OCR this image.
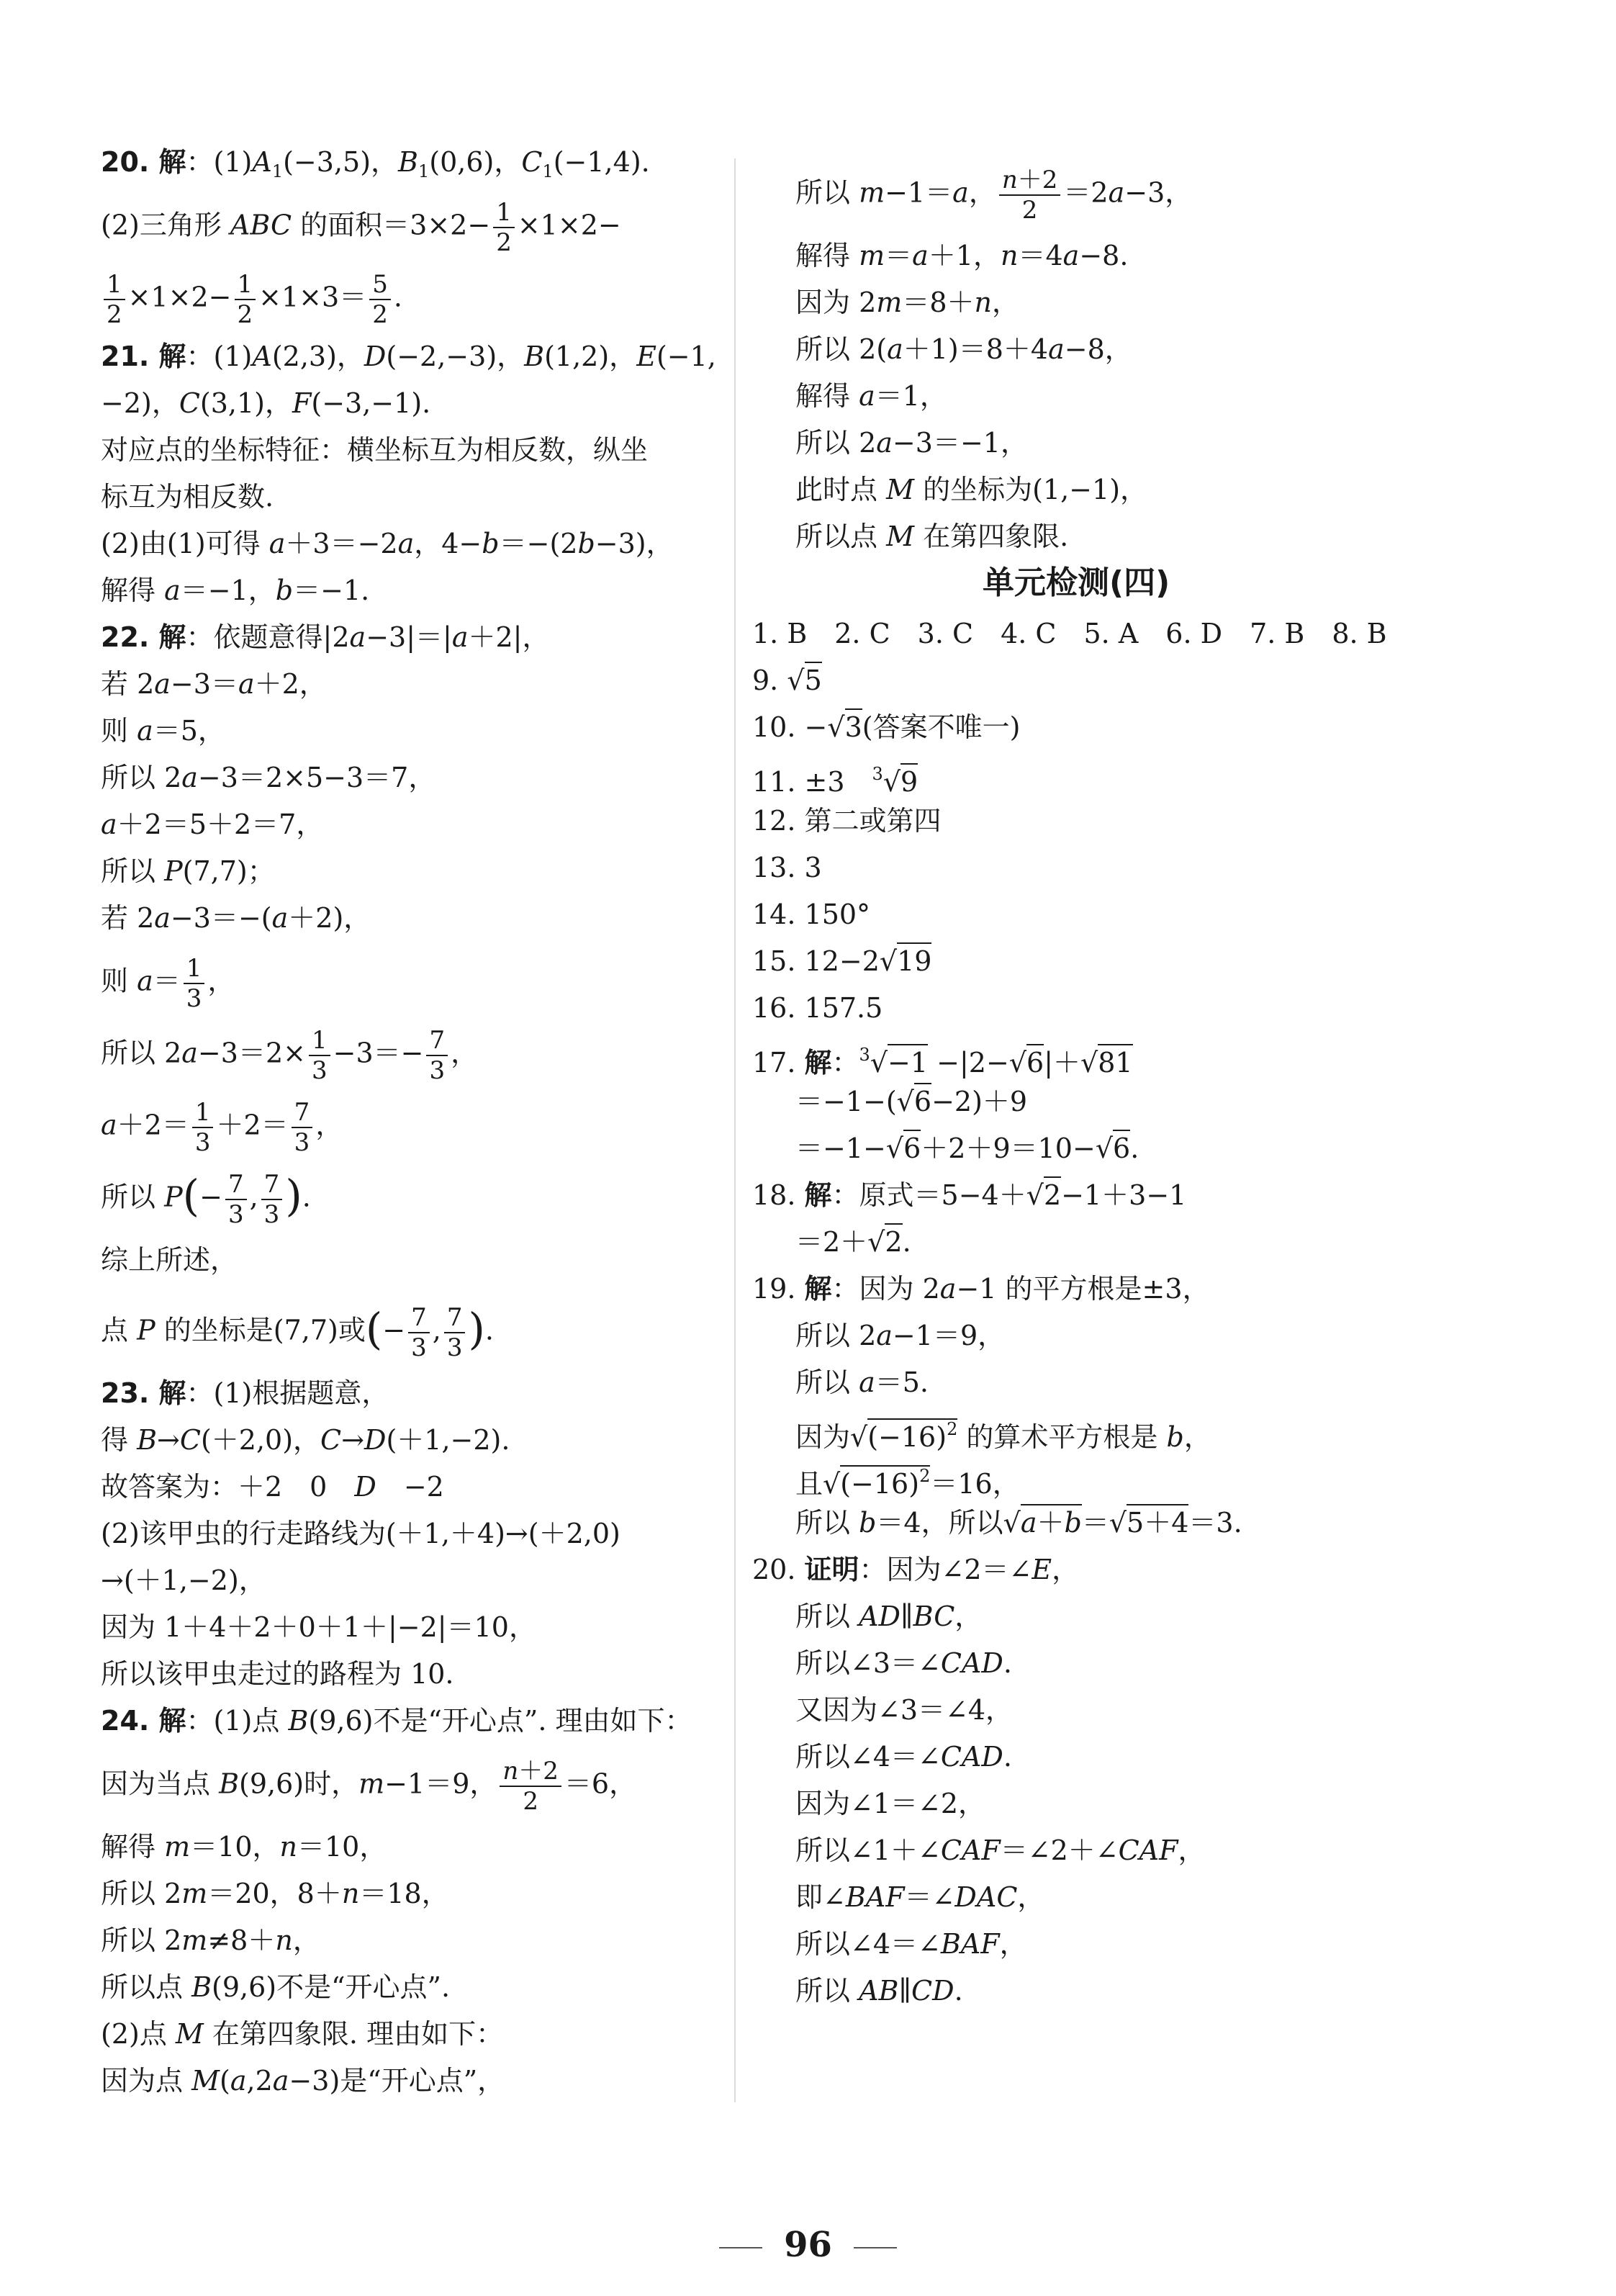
20. 解：$(1)A_1(-3,5)$，$B_1(0,6)$，$C_1(-1,4)$.
(2)三角形 ABC 的面积$=3\times 2- \frac{1}{2} \times 1\times 2-$
$\frac{1}{2} \times 1\times 2- \frac{1}{2} \times 1\times 3= \frac{5}{2}$ .
21. 解：(1)A(2,3)，D(−2,−3)，B(1,2)，E(−1,
−2)，C(3,1)，F(−3,−1).
对应点的坐标特征：横坐标互为相反数，纵坐
标互为相反数.
(2)由(1)可得 a＋3＝−2a，4−b＝−(2b−3)，
解得 a＝−1，b＝−1.
22. 解：依题意得|2a−3|＝|a＋2|，
若 2a−3＝a＋2，
则 a＝5，
所以 2a−3＝2×5−3＝7，
a＋2＝5＋2＝7，
所以 P(7,7)；
若 2a−3＝−(a＋2)，
则 $a= \frac{1}{3}$ ，
所以 $2a-3=2\times \frac{1}{3} -3=- \frac{7}{3}$ ，
$a+2= \frac{1}{3} +2= \frac{7}{3}$ ，
所以 $P(- \frac{7}{3}$ , $\frac{7}{3}$ ).
综上所述，
点 P 的坐标是(7,7)或(− $\frac{7}{3}$ , $\frac{7}{3}$ ).
23. 解：(1)根据题意，
得 B→C(＋2,0)，C→D(＋1,−2).
故答案为：＋2　0　D　−2
(2)该甲虫的行走路线为(＋1,＋4)→(＋2,0)
→(＋1,−2)，
因为 1＋4＋2＋0＋1＋|−2|＝10，
所以该甲虫走过的路程为 10.
24. 解：(1)点 B(9,6)不是“开心点”. 理由如下：
因为当点 B(9,6)时，m−1＝9， $\frac{n+2}{2} =6$，
解得 m＝10，n＝10，
所以 2m＝20，8＋n＝18，
所以 2m≠8＋n，
所以点 B(9,6)不是“开心点”.
(2)点 M 在第四象限. 理由如下：
因为点 M(a,2a−3)是“开心点”，
所以 m−1＝a， $\frac{n+2}{2} =2a-3$，
解得 m＝a＋1，n＝4a−8.
因为 2m＝8＋n，
所以 2(a＋1)＝8＋4a−8，
解得 a＝1，
所以 2a−3＝−1，
此时点 M 的坐标为(1,−1)，
所以点 M 在第四象限.
单元检测(四)
1. B　2. C　3. C　4. C　5. A　6. D　7. B　8. B
9. √5
10. −√3(答案不唯一)
11. ±3　$^3$√9
12. 第二或第四
13. 3
14. 150°
15. 12−2√19
16. 157.5
17. 解：$^3$√−1 −|2−√6|＋√81
＝−1−(√6−2)＋9
＝−1−√6＋2＋9＝10−√6.
18. 解：原式＝5−4＋√2−1＋3−1
＝2＋√2.
19. 解：因为 2a−1 的平方根是±3，
所以 2a−1＝9，
所以 a＝5.
因为$√(-16)^2$ 的算术平方根是 b，
且$√(-16)^2=16$，
所以 b＝4，所以√a＋b＝√5＋4＝3.
20. 证明：因为∠2＝∠E，
所以 AD∥BC，
所以∠3＝∠CAD.
又因为∠3＝∠4，
所以∠4＝∠CAD.
因为∠1＝∠2，
所以∠1＋∠CAF＝∠2＋∠CAF，
即∠BAF＝∠DAC，
所以∠4＝∠BAF，
所以 AB∥CD.
96
